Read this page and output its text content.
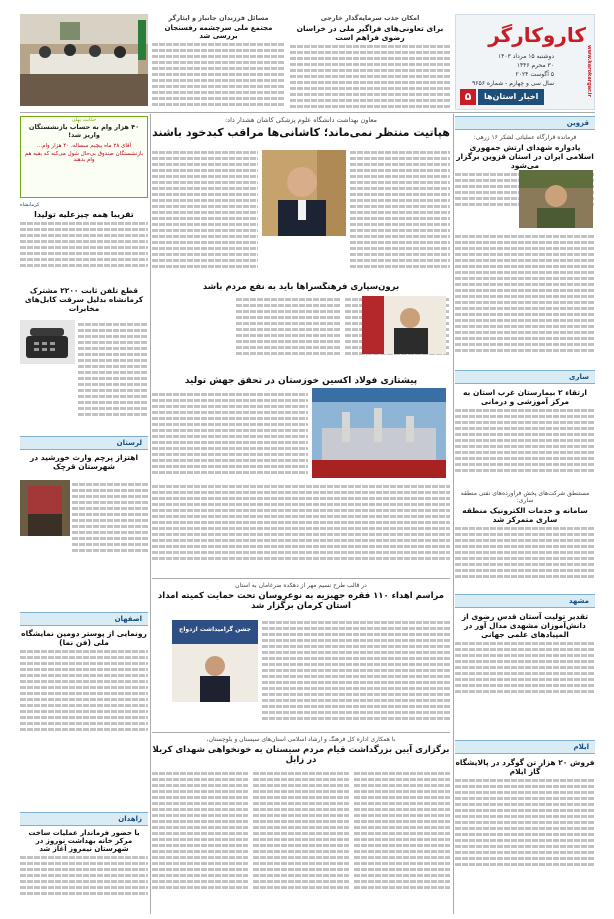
کاروکارگر
www.karokargar.ir
دوشنبه ۱۵ مرداد ۱۴۰۳
۳۰ محرم ۱۴۴۶
۵ آگوست ۲۰۲۴
سال سی و چهارم - شماره ۹۶۵۶
اخبار استان‌ها
۵
امکان جذب سرمایه‌گذار خارجی
برای تعاونی‌های فراگیر ملی در خراسان رضوی فراهم است
مسائل فرزندان جانباز و ایثارگر
مجتمع ملی سرچشمه رفسنجان بررسی شد
قزوین
فرمانده قرارگاه عملیاتی لشکر ۱۶ زرهی:
یادواره شهدای ارتش جمهوری اسلامی ایران در استان قزوین برگزار می‌شود
ساری
ارتقاء ۲ بیمارستان غرب استان به مرکز آموزشی و درمانی
مستنطق شرکت‌های پخش فرآورده‌های نفتی منطقه ساری:
سامانه و خدمات الکترونیک منطقه ساری متمرکز شد
مشهد
تقدیر تولیت آستان قدس رضوی از دانش‌آموزان مشهدی مدال آور در المپیادهای علمی جهانی
ایلام
فروش ۲۰ هزار تن گوگرد در پالایشگاه گاز ایلام
معاون بهداشت دانشگاه علوم پزشکی کاشان هشدار داد:
هپاتیت منتظر نمی‌ماند؛ کاشانی‌ها مراقب کبدخود باشند
حکایت پهلی
۴۰ هزار وام به حساب بازنشستگان
واریز شد!
آقای ۲۸ ماه پیچیم سساله، ۴۰ هزار وام...
بازنشستگان صندوق بی‌حال شول می‌کنه که بقیه هم وام بدهند
کرمانشاه
تقریبا همه چیزعلیه تولیدا
قطع تلفن ثابت ۲۲۰۰ مشترک کرمانشاه بدلیل سرقت کابل‌های مخابرات
لرستان
اهتزاز پرچم وارث خورشید در شهرستان قرچک
اصفهان
رونمایی از پوستر دومین نمایشگاه ملی (فن نما)
زاهدان
با حضور فرماندار عملیات ساخت مرکز خانه بهداشت نوروز در شهرستان نیمروز آغاز شد
برون‌سپاری فرهنگسراها باید به نفع مردم باشد
پیشتازی فولاد اکسین خوزستان در تحقق جهش تولید
در قالب طرح نسیم مهر از دهکده ضرغامان به استان
مراسم اهداء ۱۱۰ فقره جهیزیه به نوعروسان تحت حمایت کمیته امداد استان کرمان برگزار شد
جشن گرامیداشت ازدواج
با همکاری اداره کل فرهنگ و ارشاد اسلامی استان‌های سیستان و بلوچستان،
برگزاری آیین بزرگداشت قیام مردم سیستان به خونخواهی شهدای کربلا در زابل
